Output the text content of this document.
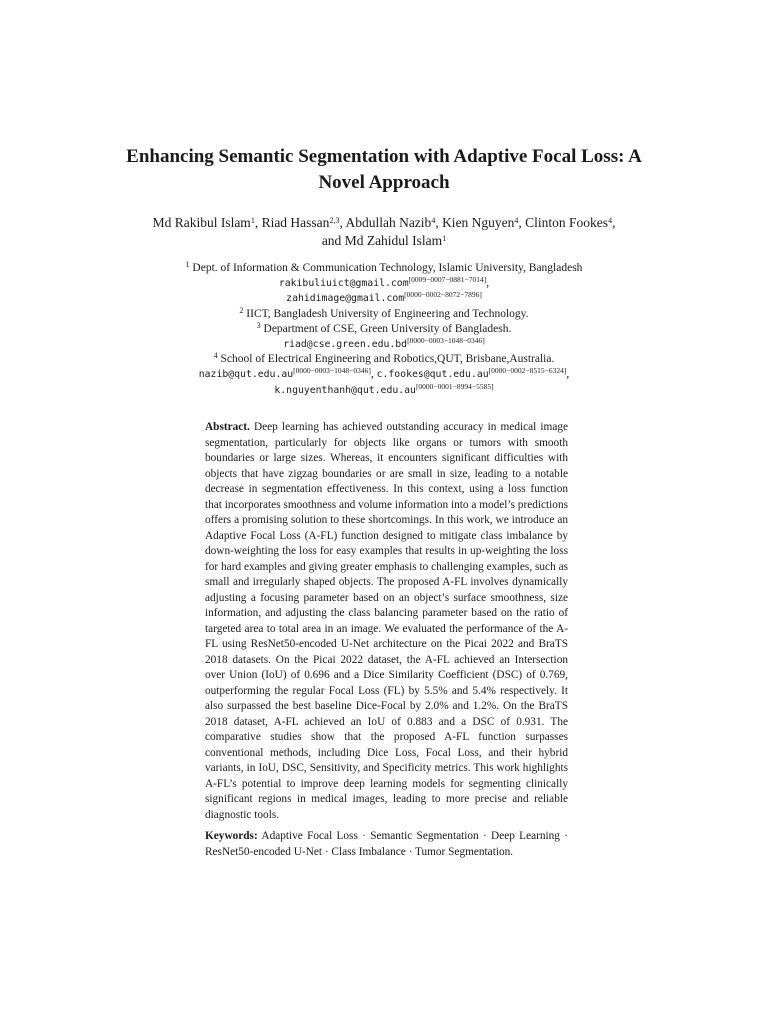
Enhancing Semantic Segmentation with Adaptive Focal Loss: A Novel Approach
Md Rakibul Islam$^1$, Riad Hassan$^{2,3}$, Abdullah Nazib$^4$, Kien Nguyen$^4$, Clinton Fookes$^4$, and Md Zahidul Islam$^1$
$^1$ Dept. of Information & Communication Technology, Islamic University, Bangladesh
rakibuliuict@gmail.com[0009−0007−0881−7014],
zahidimage@gmail.com[0000−0002−8072−7896]
$^2$ IICT, Bangladesh University of Engineering and Technology.
$^3$ Department of CSE, Green University of Bangladesh.
riad@cse.green.edu.bd[0000−0003−1048−0346]
$^4$ School of Electrical Engineering and Robotics,QUT, Brisbane,Australia.
nazib@qut.edu.au[0000−0003−1048−0346], c.fookes@qut.edu.au[0000−0002−8515−6324],
k.nguyenthanh@qut.edu.au[0000−0001−8994−5585]
Abstract. Deep learning has achieved outstanding accuracy in medical image segmentation, particularly for objects like organs or tumors with smooth boundaries or large sizes. Whereas, it encounters significant difficulties with objects that have zigzag boundaries or are small in size, leading to a notable decrease in segmentation effectiveness. In this context, using a loss function that incorporates smoothness and volume information into a model’s predictions offers a promising solution to these shortcomings. In this work, we introduce an Adaptive Focal Loss (A-FL) function designed to mitigate class imbalance by down-weighting the loss for easy examples that results in up-weighting the loss for hard examples and giving greater emphasis to challenging examples, such as small and irregularly shaped objects. The proposed A-FL involves dynamically adjusting a focusing parameter based on an object’s surface smoothness, size information, and adjusting the class balancing parameter based on the ratio of targeted area to total area in an image. We evaluated the performance of the A-FL using ResNet50-encoded U-Net architecture on the Picai 2022 and BraTS 2018 datasets. On the Picai 2022 dataset, the A-FL achieved an Intersection over Union (IoU) of 0.696 and a Dice Similarity Coefficient (DSC) of 0.769, outperforming the regular Focal Loss (FL) by 5.5% and 5.4% respectively. It also surpassed the best baseline Dice-Focal by 2.0% and 1.2%. On the BraTS 2018 dataset, A-FL achieved an IoU of 0.883 and a DSC of 0.931. The comparative studies show that the proposed A-FL function surpasses conventional methods, including Dice Loss, Focal Loss, and their hybrid variants, in IoU, DSC, Sensitivity, and Specificity metrics. This work highlights A-FL’s potential to improve deep learning models for segmenting clinically significant regions in medical images, leading to more precise and reliable diagnostic tools.
Keywords: Adaptive Focal Loss · Semantic Segmentation · Deep Learning · ResNet50-encoded U-Net · Class Imbalance · Tumor Segmentation.
